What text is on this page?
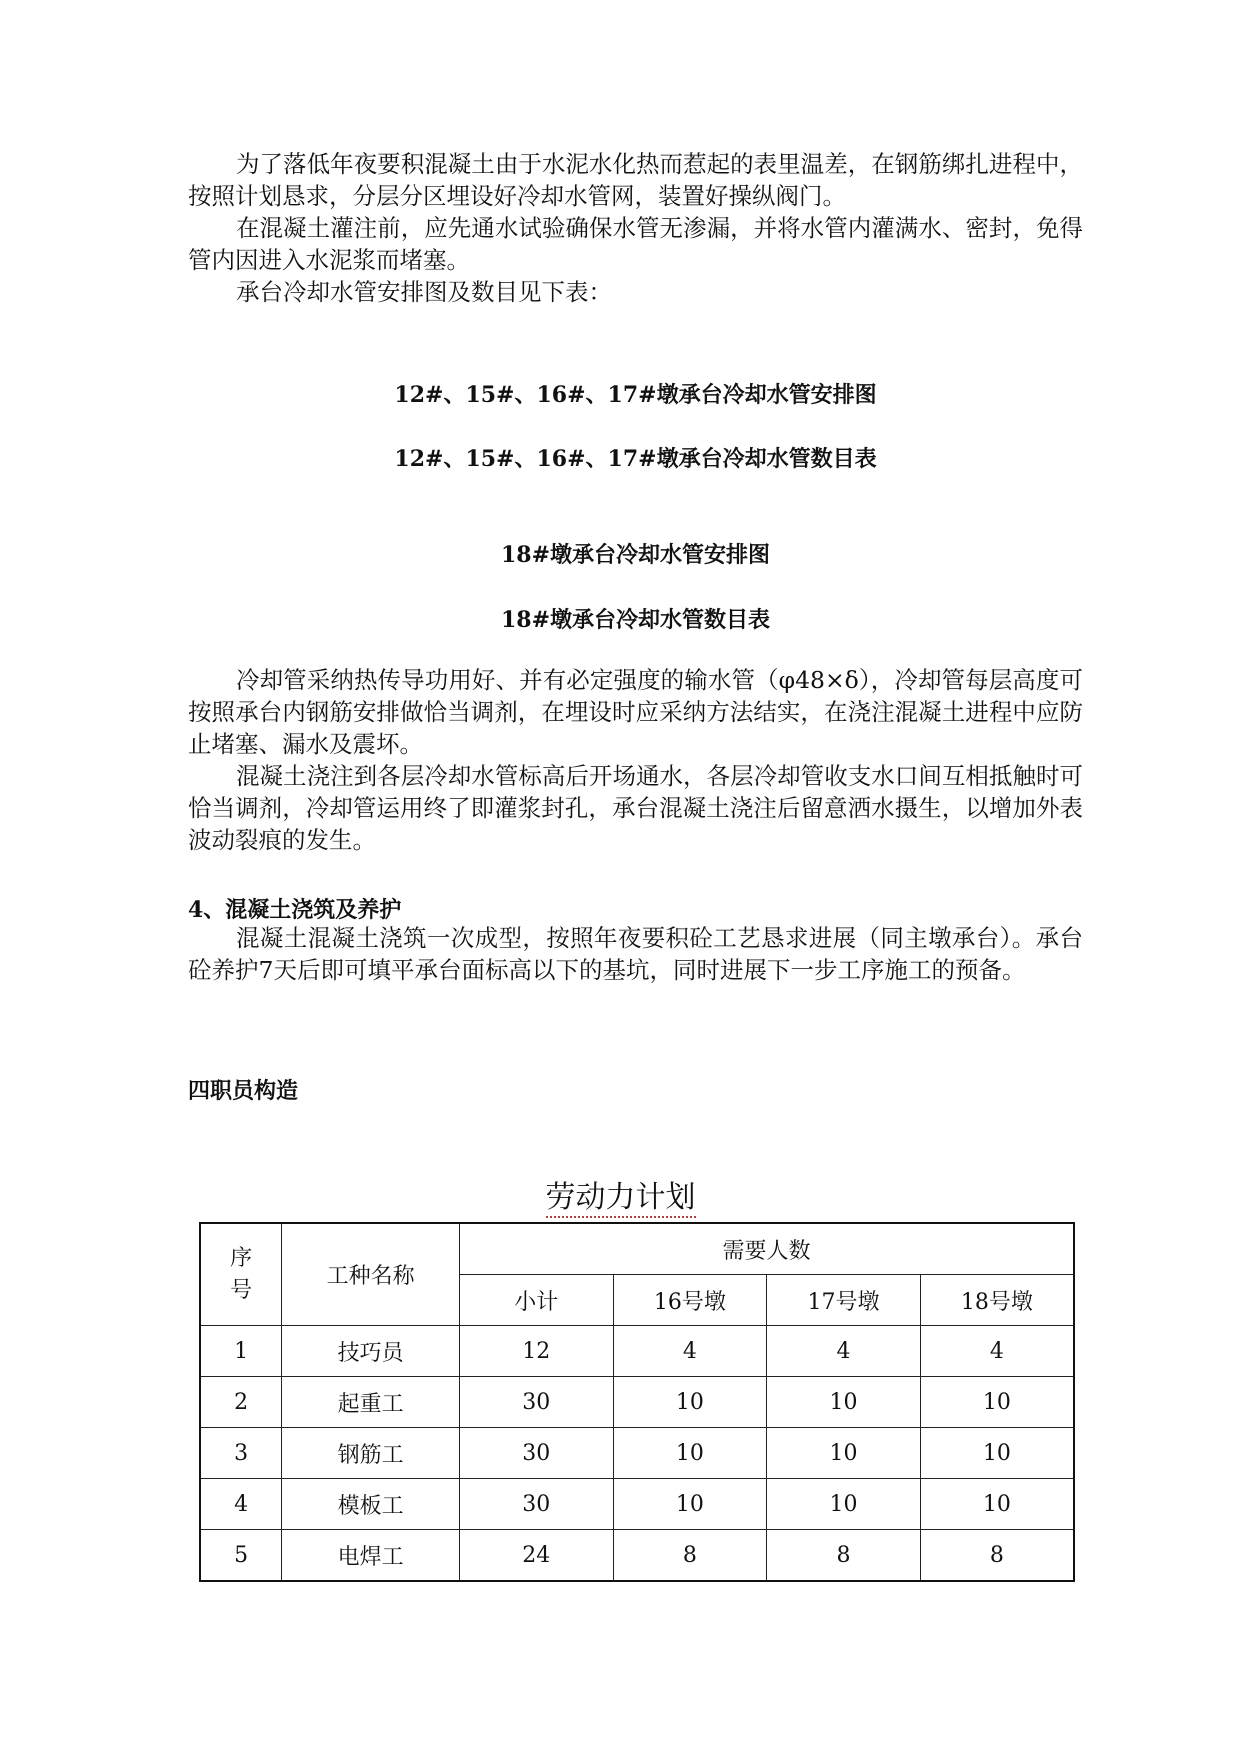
为了落低年夜要积混凝土由于水泥水化热而惹起的表里温差，在钢筋绑扎进程中，按照计划恳求，分层分区埋设好冷却水管网，装置好操纵阀门。

在混凝土灌注前，应先通水试验确保水管无渗漏，并将水管内灌满水、密封，免得管内因进入水泥浆而堵塞。

承台冷却水管安排图及数目见下表：

12#、15#、16#、17#墩承台冷却水管安排图

12#、15#、16#、17#墩承台冷却水管数目表

18#墩承台冷却水管安排图

18#墩承台冷却水管数目表

冷却管采纳热传导功用好、并有必定强度的输水管（φ48×δ），冷却管每层高度可按照承台内钢筋安排做恰当调剂，在埋设时应采纳方法结实，在浇注混凝土进程中应防止堵塞、漏水及震坏。

混凝土浇注到各层冷却水管标高后开场通水，各层冷却管收支水口间互相抵触时可恰当调剂，冷却管运用终了即灌浆封孔，承台混凝土浇注后留意洒水摄生，以增加外表波动裂痕的发生。

4、混凝土浇筑及养护

混凝土混凝土浇筑一次成型，按照年夜要积砼工艺恳求进展（同主墩承台）。承台砼养护7天后即可填平承台面标高以下的基坑，同时进展下一步工序施工的预备。

四职员构造

劳动力计划

序号	工种名称	需要人数			
		小计	16号墩	17号墩	18号墩
1	技巧员	12	4	4	4
2	起重工	30	10	10	10
3	钢筋工	30	10	10	10
4	模板工	30	10	10	10
5	电焊工	24	8	8	8
